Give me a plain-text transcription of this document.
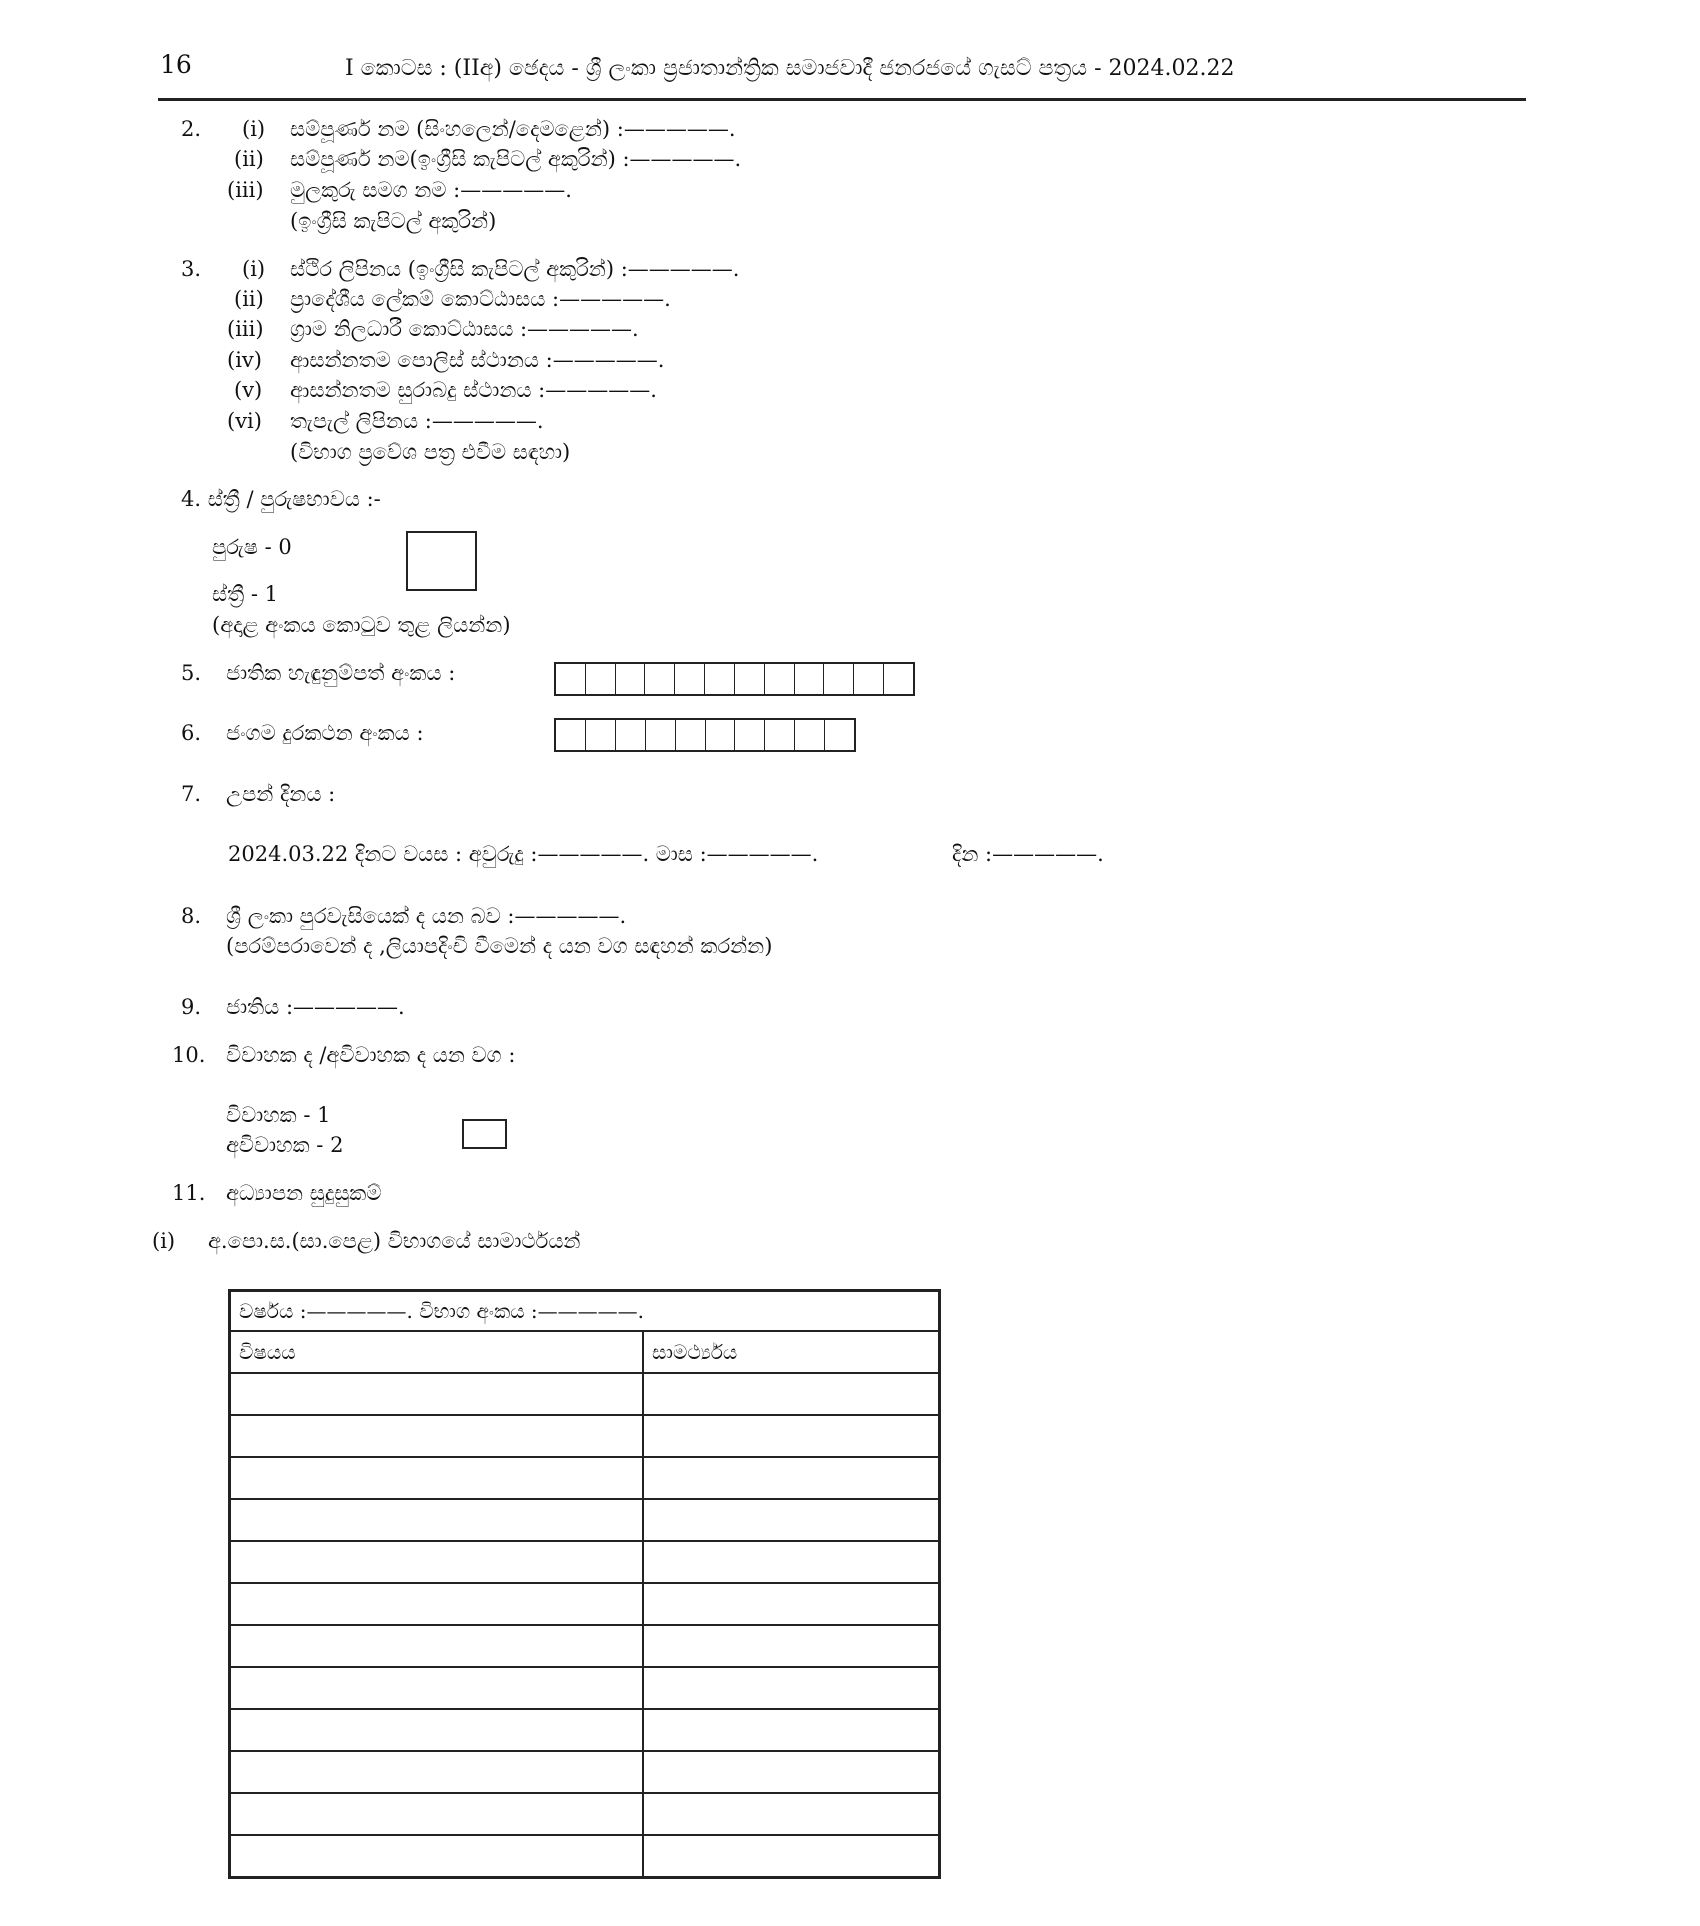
16	I කොටස : (IIඅ) ඡෙදය - ශ්‍රී ලංකා ප්‍රජාතාන්ත්‍රික සමාජවාදී ජනරජයේ ගැසට් පත්‍රය - 2024.02.22
2. (i) සම්පූර්ණ නම (සිංහලෙන්/දෙමළෙන්) :—————.
(ii) සම්පූර්ණ නම(ඉංග්‍රීසි කැපිටල් අකුරින්) :—————.
(iii) මුලකුරු සමග නම :—————.
(ඉංග්‍රීසි කැපිටල් අකුරින්)
3. (i) ස්ථිර ලිපිනය (ඉංග්‍රීසි කැපිටල් අකුරින්) :—————.
(ii) ප්‍රාදේශීය ලේකම් කොට්ඨාසය :—————.
(iii) ග්‍රාම නිලධාරී කොට්ඨාසය :—————.
(iv) ආසන්නතම පොලිස් ස්ථානය :—————.
(v) ආසන්නතම සුරාබදු ස්ථානය :—————.
(vi) තැපැල් ලිපිනය :—————.
(විභාග ප්‍රවේශ පත්‍ර එවීම සඳහා)
4. ස්ත්‍රී / පුරුෂභාවය :-
පුරුෂ - 0
ස්ත්‍රී - 1
(අදාළ අංකය කොටුව තුළ ලියන්න)
5. ජාතික හැඳුනුම්පත් අංකය :
6. ජංගම දුරකථන අංකය :
7. උපන් දිනය :
2024.03.22 දිනට වයස : අවුරුදු :—————. මාස :—————.	දින :—————.
8. ශ්‍රී ලංකා පුරවැසියෙක් ද යන බව :—————.
(පරම්පරාවෙන් ද ,ලියාපදිංචි වීමෙන් ද යන වග සඳහන් කරන්න)
9. ජාතිය :—————.
10. විවාහක ද /අවිවාහක ද යන වග :
විවාහක - 1
අවිවාහක - 2
11. අධ්‍යාපන සුදුසුකම්
(i) අ.පො.ස.(සා.පෙළ) විභාගයේ සාමාර්ථයන්
වර්ෂය :—————. විභාග අංකය :—————.	
විෂයය	සාමර්ථ්‍යය
